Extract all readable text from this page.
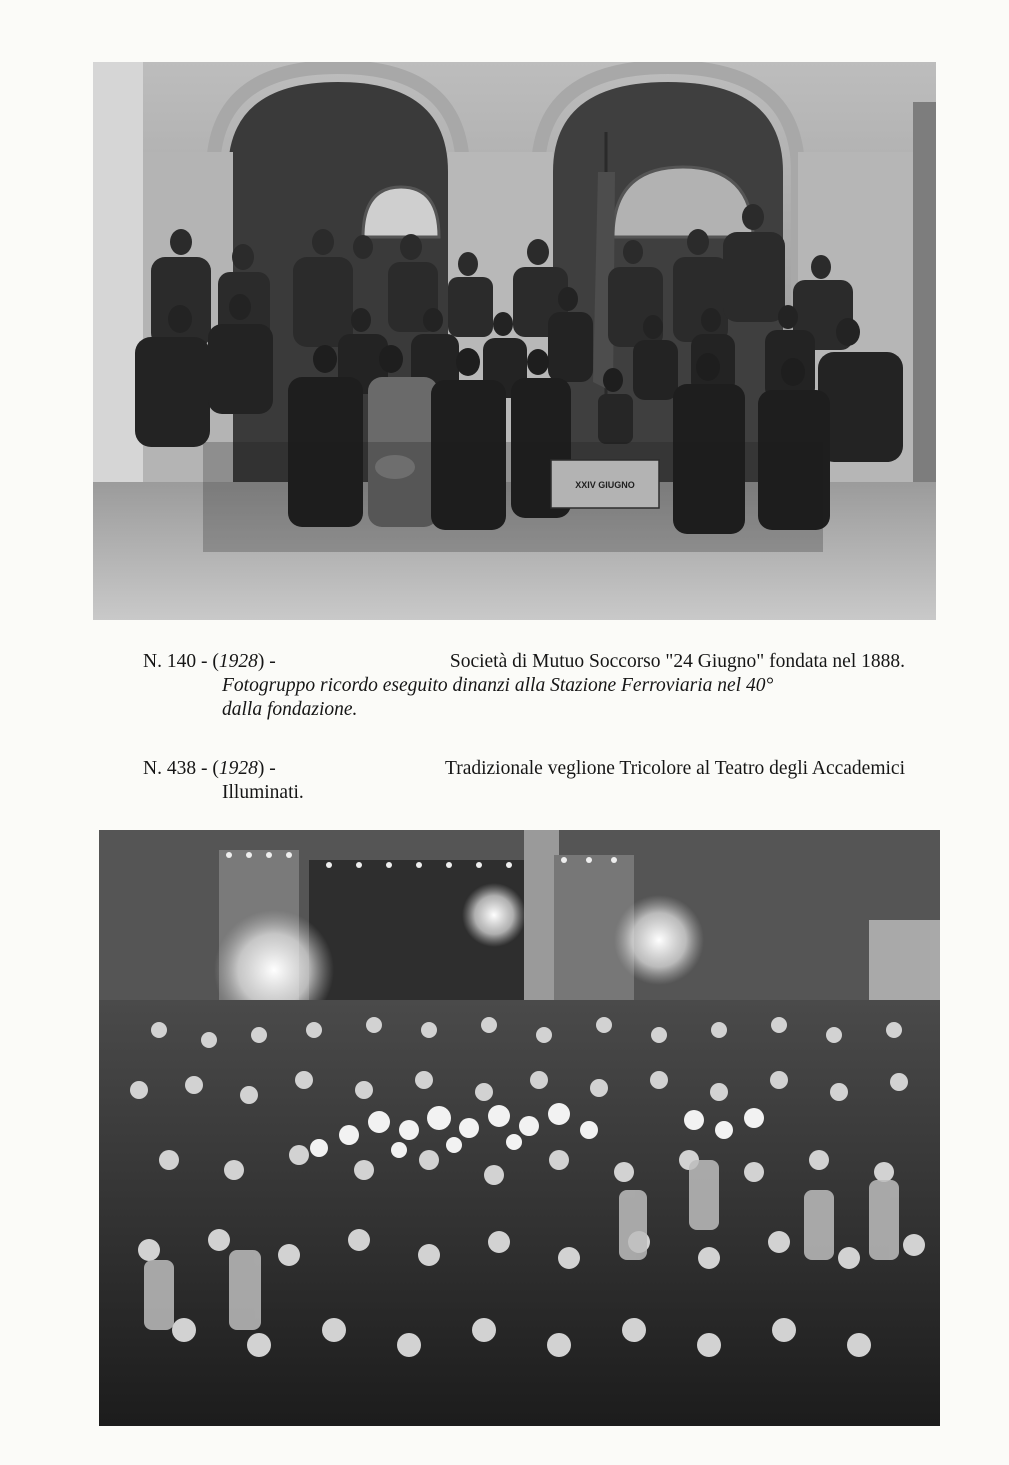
XXIV GIUGNO
N. 140 - (1928) -	Società di Mutuo Soccorso "24 Giugno" fondata nel 1888.
Fotogruppo ricordo eseguito dinanzi alla Stazione Ferroviaria nel 40°
dalla fondazione.
N. 438 - (1928) -	Tradizionale veglione Tricolore al Teatro degli Accademici
Illuminati.
